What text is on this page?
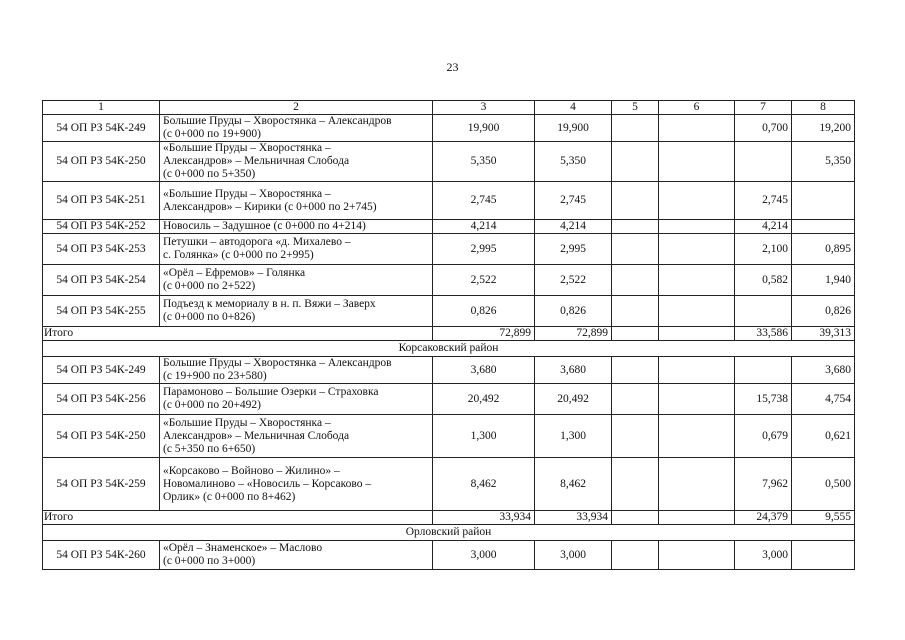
23
1	2	3	4	5	6	7	8
54 ОП РЗ 54К-249	Большие Пруды – Хворостянка – Александров
(с 0+000 по 19+900)	19,900	19,900			0,700	19,200
54 ОП РЗ 54К-250	«Большие Пруды – Хворостянка –
Александров» – Мельничная Слобода
(с 0+000 по 5+350)	5,350	5,350				5,350
54 ОП РЗ 54К-251	«Большие Пруды – Хворостянка –
Александров» – Кирики (с 0+000 по 2+745)	2,745	2,745			2,745	
54 ОП РЗ 54К-252	Новосиль – Задушное (с 0+000 по 4+214)	4,214	4,214			4,214	
54 ОП РЗ 54К-253	Петушки – автодорога «д. Михалево –
с. Голянка» (с 0+000 по 2+995)	2,995	2,995			2,100	0,895
54 ОП РЗ 54К-254	«Орёл – Ефремов» – Голянка
(с 0+000 по 2+522)	2,522	2,522			0,582	1,940
54 ОП РЗ 54К-255	Подъезд к мемориалу в н. п. Вяжи – Заверх
(с 0+000 по 0+826)	0,826	0,826				0,826
Итого		72,899	72,899			33,586	39,313
Корсаковский район							
54 ОП РЗ 54К-249	Большие Пруды – Хворостянка – Александров
(с 19+900 по 23+580)	3,680	3,680				3,680
54 ОП РЗ 54К-256	Парамоново – Большие Озерки – Страховка
(с 0+000 по 20+492)	20,492	20,492			15,738	4,754
54 ОП РЗ 54К-250	«Большие Пруды – Хворостянка –
Александров» – Мельничная Слобода
(с 5+350 по 6+650)	1,300	1,300			0,679	0,621
54 ОП РЗ 54К-259	«Корсаково – Войново – Жилино» –
Новомалиново – «Новосиль – Корсаково –
Орлик» (с 0+000 по 8+462)	8,462	8,462			7,962	0,500
Итого		33,934	33,934			24,379	9,555
Орловский район							
54 ОП РЗ 54К-260	«Орёл – Знаменское» – Маслово
(с 0+000 по 3+000)	3,000	3,000			3,000	
